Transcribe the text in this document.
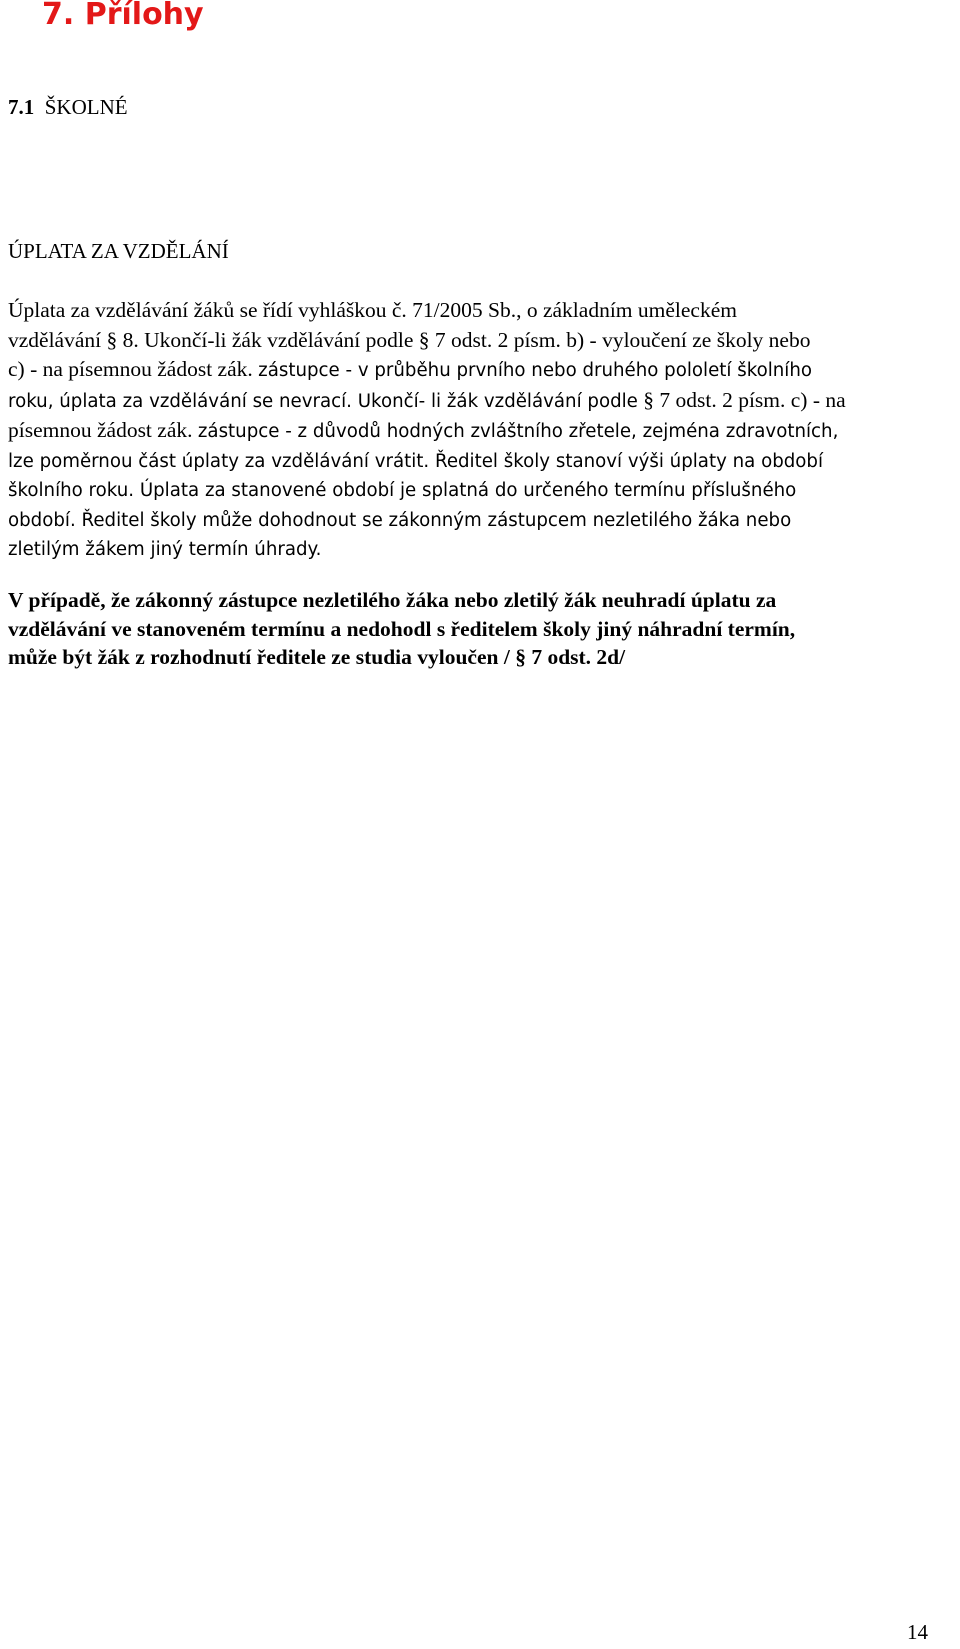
7. Přílohy
7.1 ŠKOLNÉ
ÚPLATA ZA VZDĚLÁNÍ

Úplata za vzdělávání žáků se řídí vyhláškou č. 71/2005 Sb., o základním uměleckém
vzdělávání § 8. Ukončí-li žák vzdělávání podle § 7 odst. 2 písm. b) - vyloučení ze školy nebo
c) - na písemnou žádost zák. zástupce - v průběhu prvního nebo druhého pololetí školního
roku, úplata za vzdělávání se nevrací. Ukončí- li žák vzdělávání podle § 7 odst. 2 písm. c) - na
písemnou žádost zák. zástupce - z důvodů hodných zvláštního zřetele, zejména zdravotních,
lze poměrnou část úplaty za vzdělávání vrátit. Ředitel školy stanoví výši úplaty na období
školního roku. Úplata za stanovené období je splatná do určeného termínu příslušného
období. Ředitel školy může dohodnout se zákonným zástupcem nezletilého žáka nebo
zletilým žákem jiný termín úhrady.

V případě, že zákonný zástupce nezletilého žáka nebo zletilý žák neuhradí úplatu za
vzdělávání ve stanoveném termínu a nedohodl s ředitelem školy jiný náhradní termín,
může být žák z rozhodnutí ředitele ze studia vyloučen / § 7 odst. 2d/

14
